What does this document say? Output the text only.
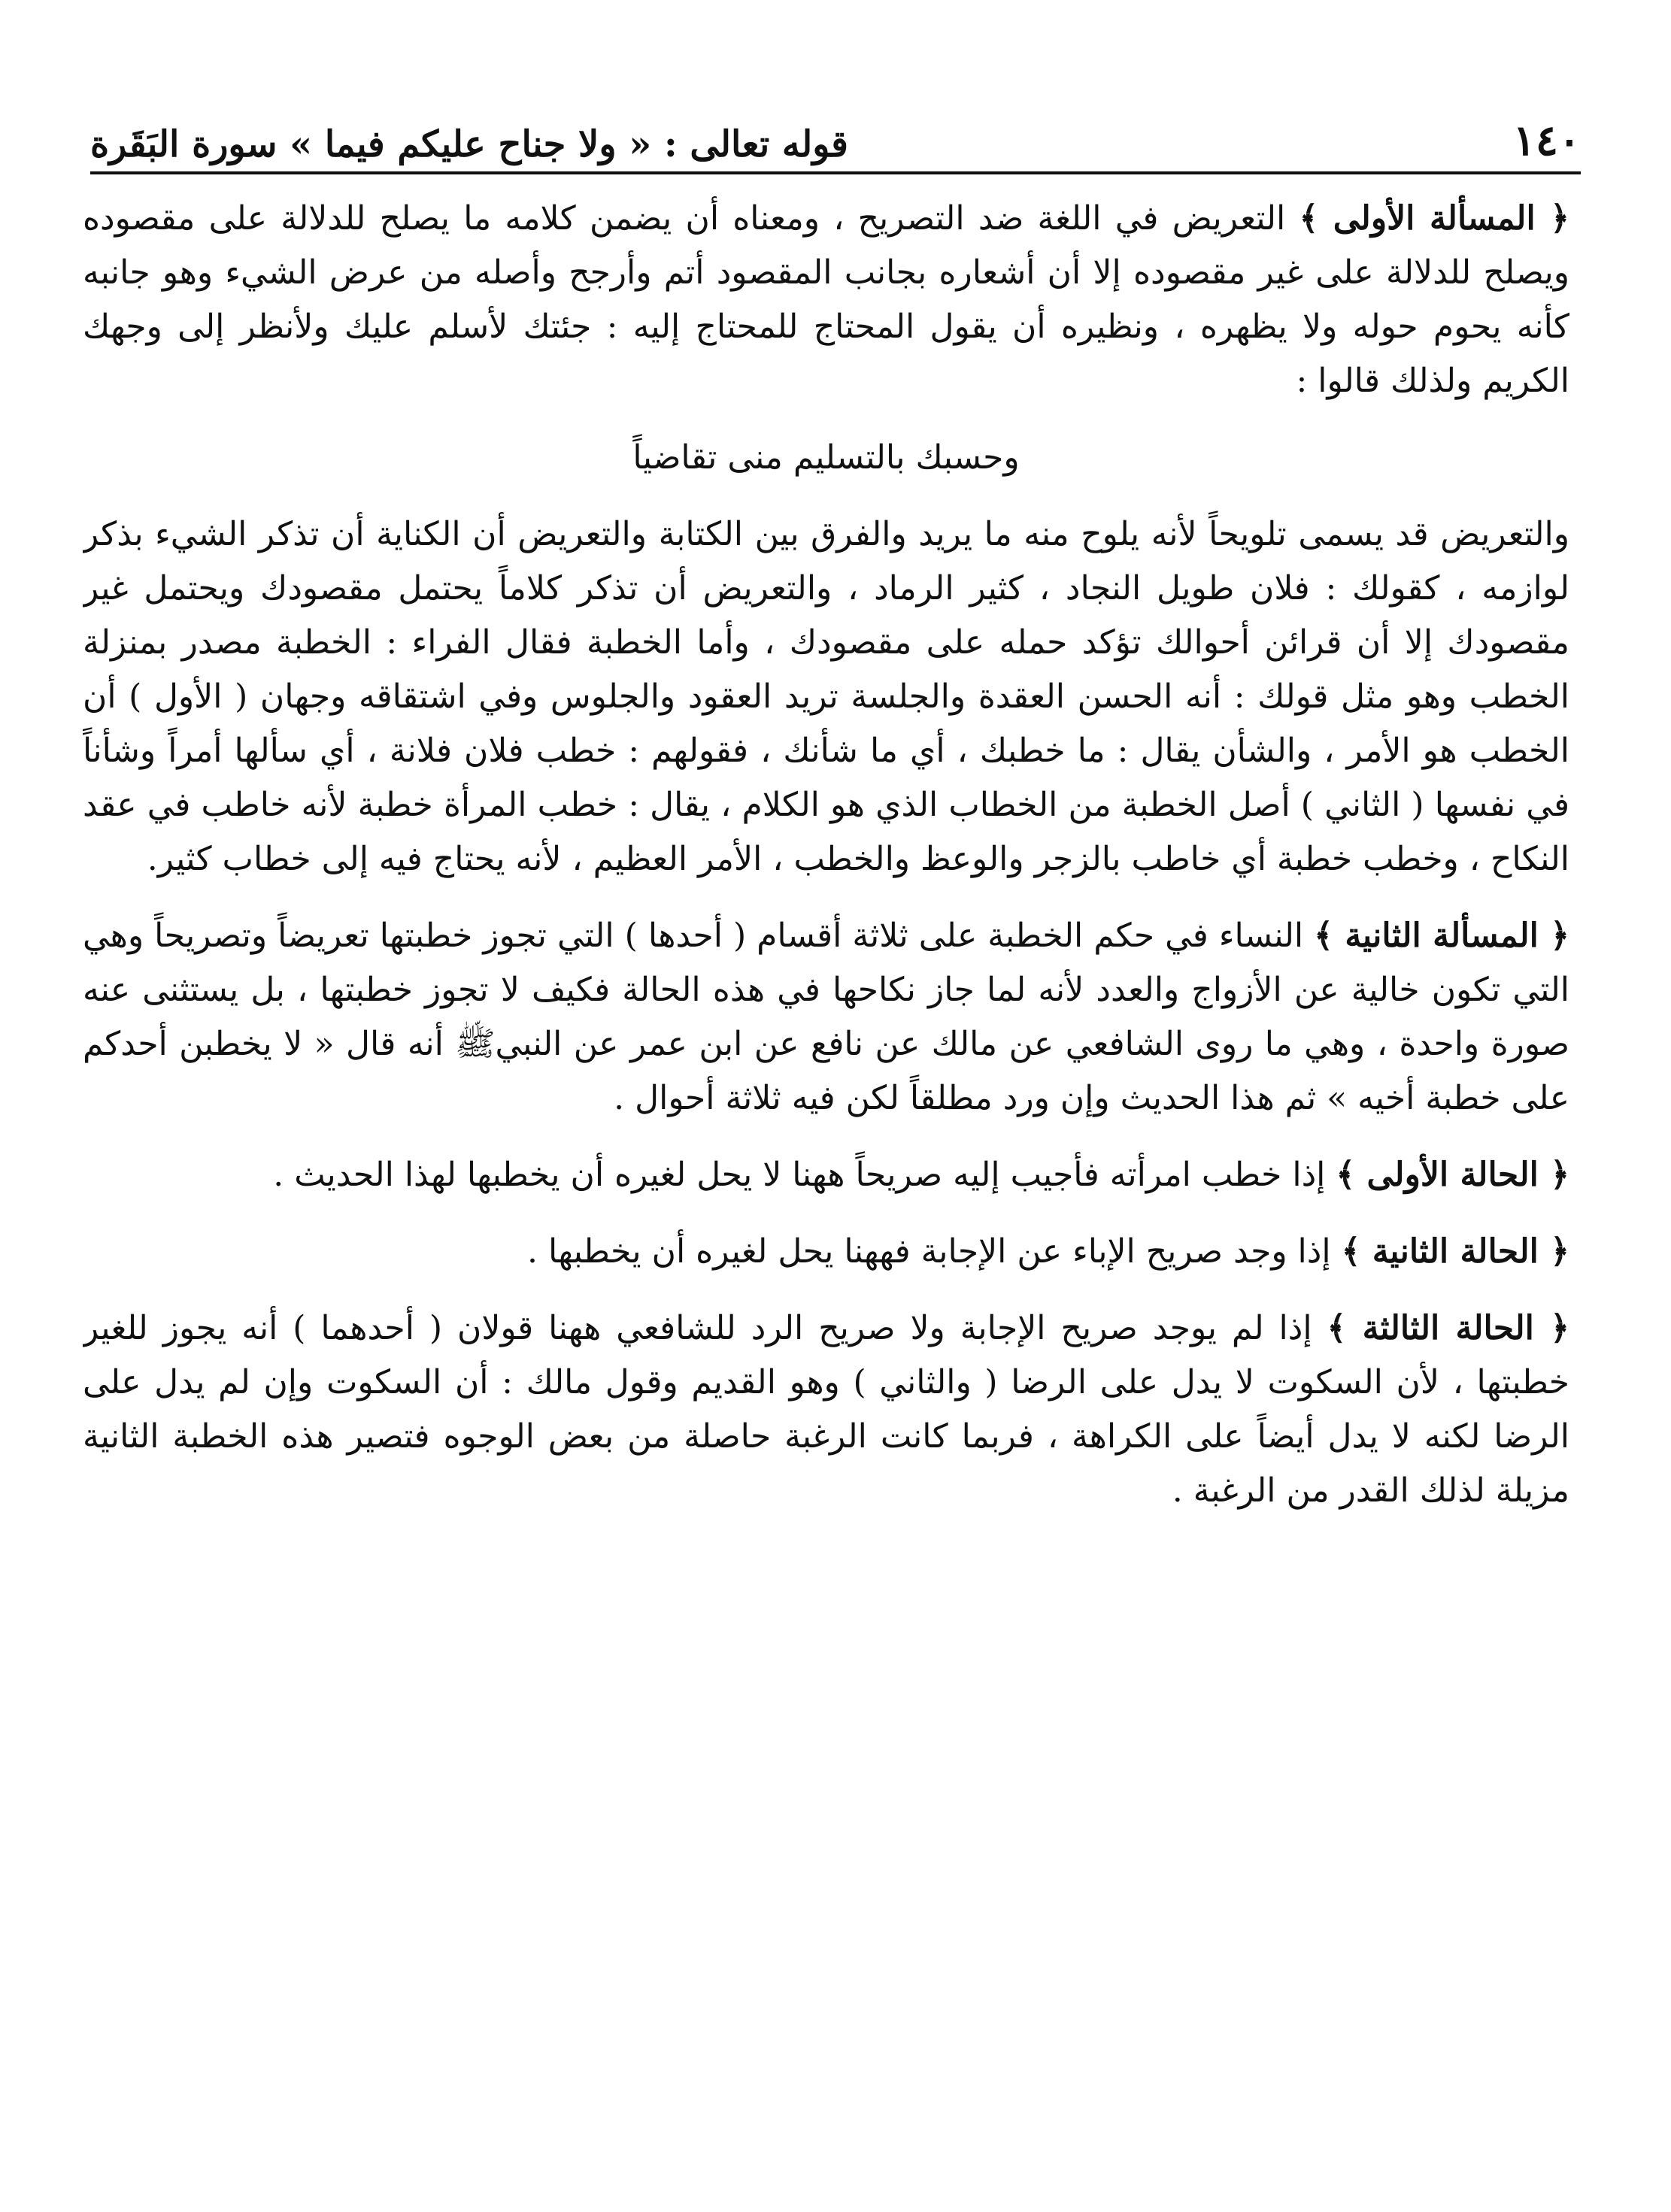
١٤٠
قوله تعالى : « ولا جناح عليكم فيما » سورة البَقَرة

﴿ المسألة الأولى ﴾ التعريض في اللغة ضد التصريح ، ومعناه أن يضمن كلامه ما يصلح للدلالة على مقصوده ويصلح للدلالة على غير مقصوده إلا أن أشعاره بجانب المقصود أتم وأرجح وأصله من عرض الشيء وهو جانبه كأنه يحوم حوله ولا يظهره ، ونظيره أن يقول المحتاج للمحتاج إليه : جئتك لأسلم عليك ولأنظر إلى وجهك الكريم ولذلك قالوا :

وحسبك بالتسليم منى تقاضياً

والتعريض قد يسمى تلويحاً لأنه يلوح منه ما يريد والفرق بين الكتابة والتعريض أن الكناية أن تذكر الشيء بذكر لوازمه ، كقولك : فلان طويل النجاد ، كثير الرماد ، والتعريض أن تذكر كلاماً يحتمل مقصودك ويحتمل غير مقصودك إلا أن قرائن أحوالك تؤكد حمله على مقصودك ، وأما الخطبة فقال الفراء : الخطبة مصدر بمنزلة الخطب وهو مثل قولك : أنه الحسن العقدة والجلسة تريد العقود والجلوس وفي اشتقاقه وجهان ( الأول ) أن الخطب هو الأمر ، والشأن يقال : ما خطبك ، أي ما شأنك ، فقولهم : خطب فلان فلانة ، أي سألها أمراً وشأناً في نفسها ( الثاني ) أصل الخطبة من الخطاب الذي هو الكلام ، يقال : خطب المرأة خطبة لأنه خاطب في عقد النكاح ، وخطب خطبة أي خاطب بالزجر والوعظ والخطب ، الأمر العظيم ، لأنه يحتاج فيه إلى خطاب كثير.

﴿ المسألة الثانية ﴾ النساء في حكم الخطبة على ثلاثة أقسام ( أحدها ) التي تجوز خطبتها تعريضاً وتصريحاً وهي التي تكون خالية عن الأزواج والعدد لأنه لما جاز نكاحها في هذه الحالة فكيف لا تجوز خطبتها ، بل يستثنى عنه صورة واحدة ، وهي ما روى الشافعي عن مالك عن نافع عن ابن عمر عن النبيﷺ أنه قال « لا يخطبن أحدكم على خطبة أخيه » ثم هذا الحديث وإن ورد مطلقاً لكن فيه ثلاثة أحوال .

﴿ الحالة الأولى ﴾ إذا خطب امرأته فأجيب إليه صريحاً ههنا لا يحل لغيره أن يخطبها لهذا الحديث .

﴿ الحالة الثانية ﴾ إذا وجد صريح الإباء عن الإجابة فههنا يحل لغيره أن يخطبها .

﴿ الحالة الثالثة ﴾ إذا لم يوجد صريح الإجابة ولا صريح الرد للشافعي ههنا قولان ( أحدهما ) أنه يجوز للغير خطبتها ، لأن السكوت لا يدل على الرضا ( والثاني ) وهو القديم وقول مالك : أن السكوت وإن لم يدل على الرضا لكنه لا يدل أيضاً على الكراهة ، فربما كانت الرغبة حاصلة من بعض الوجوه فتصير هذه الخطبة الثانية مزيلة لذلك القدر من الرغبة .
